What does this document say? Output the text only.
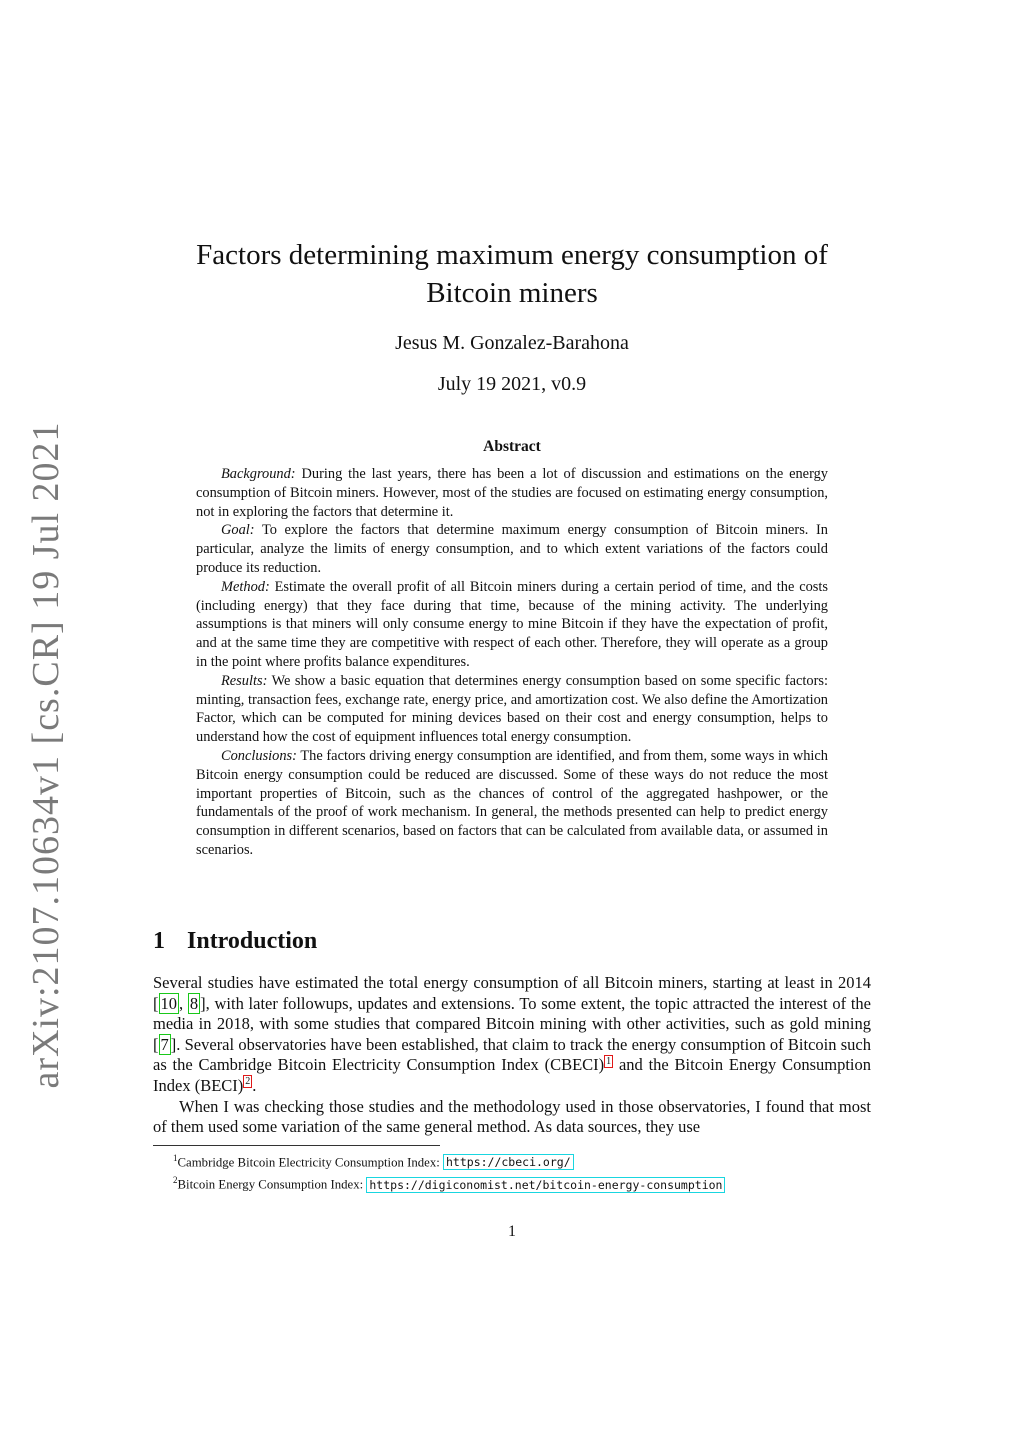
arXiv:2107.10634v1 [cs.CR] 19 Jul 2021
Factors determining maximum energy consumption of
Bitcoin miners
Jesus M. Gonzalez-Barahona
July 19 2021, v0.9
Abstract

Background: During the last years, there has been a lot of discussion and estimations on the energy consumption of Bitcoin miners. However, most of the studies are focused on estimating energy consumption, not in exploring the factors that determine it.

Goal: To explore the factors that determine maximum energy consumption of Bitcoin miners. In particular, analyze the limits of energy consumption, and to which extent variations of the factors could produce its reduction.

Method: Estimate the overall profit of all Bitcoin miners during a certain period of time, and the costs (including energy) that they face during that time, because of the mining activity. The underlying assumptions is that miners will only consume energy to mine Bitcoin if they have the expectation of profit, and at the same time they are competitive with respect of each other. Therefore, they will operate as a group in the point where profits balance expenditures.

Results: We show a basic equation that determines energy consumption based on some specific factors: minting, transaction fees, exchange rate, energy price, and amortization cost. We also define the Amortization Factor, which can be computed for mining devices based on their cost and energy consumption, helps to understand how the cost of equipment influences total energy consumption.

Conclusions: The factors driving energy consumption are identified, and from them, some ways in which Bitcoin energy consumption could be reduced are discussed. Some of these ways do not reduce the most important properties of Bitcoin, such as the chances of control of the aggregated hashpower, or the fundamentals of the proof of work mechanism. In general, the methods presented can help to predict energy consumption in different scenarios, based on factors that can be calculated from available data, or assumed in scenarios.

1 Introduction

Several studies have estimated the total energy consumption of all Bitcoin miners, starting at least in 2014 [ 10 , 8 ], with later followups, updates and extensions. To some extent, the topic attracted the interest of the media in 2018, with some studies that compared Bitcoin mining with other activities, such as gold mining [ 7 ]. Several observatories have been established, that claim to track the energy consumption of Bitcoin such as the Cambridge Bitcoin Electricity Consumption Index (CBECI) $^1$ and the Bitcoin Energy Consumption Index (BECI) $^2$ .

When I was checking those studies and the methodology used in those observatories, I found that most of them used some variation of the same general method. As data sources, they use

$^1$Cambridge Bitcoin Electricity Consumption Index: https://cbeci.org/
$^2$Bitcoin Energy Consumption Index: https://digiconomist.net/bitcoin-energy-consumption
1
